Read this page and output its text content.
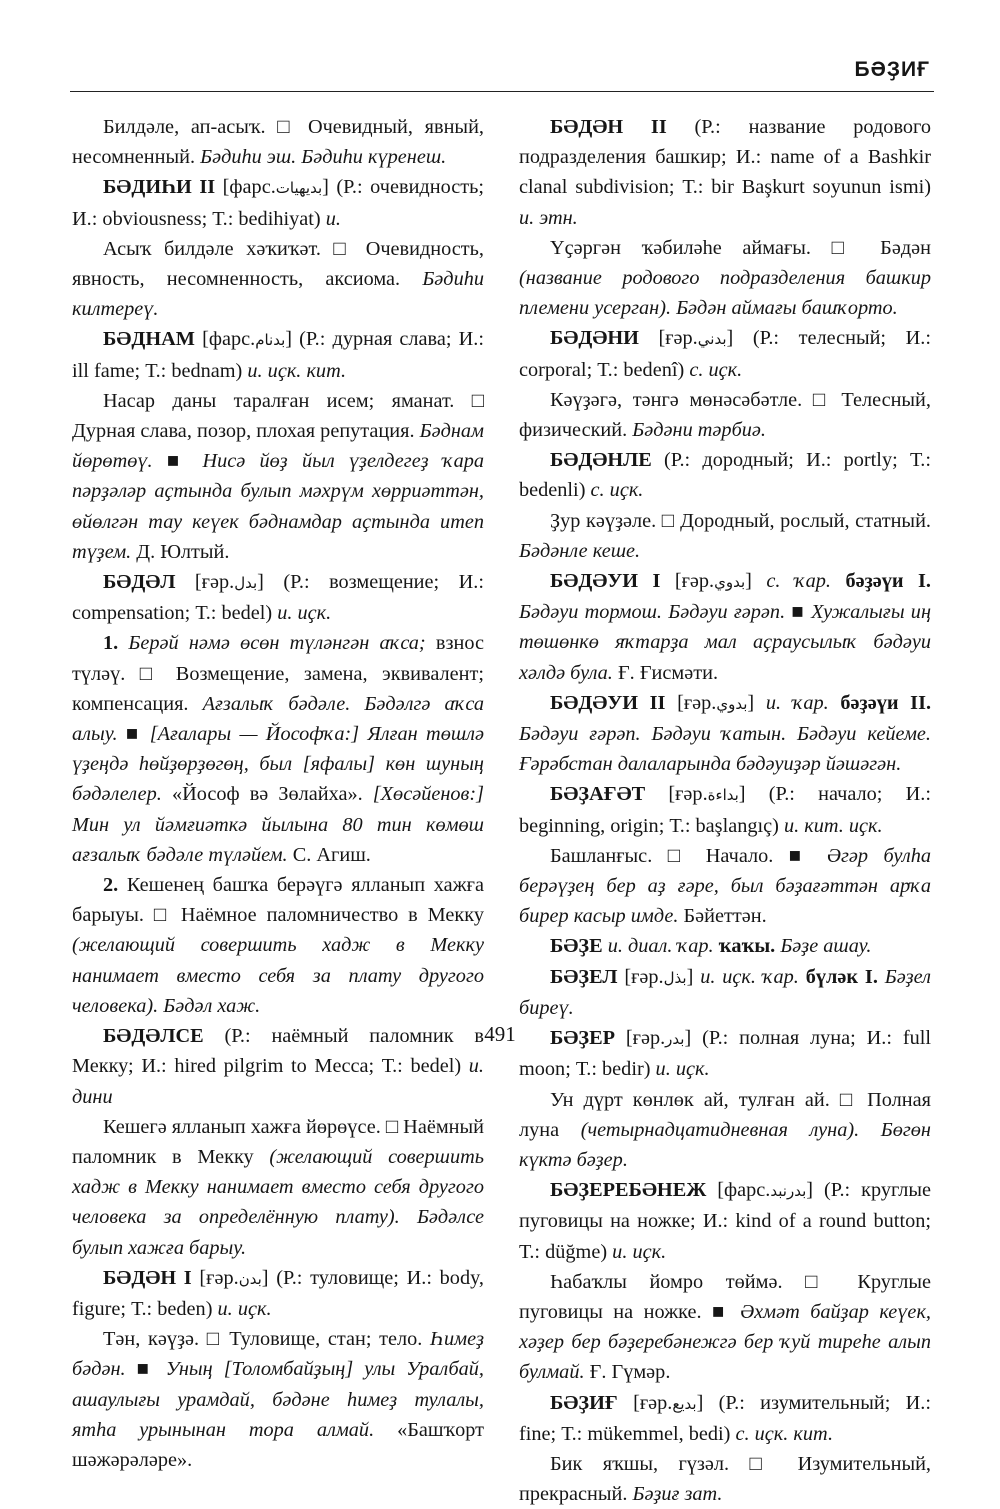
БӘҘИҒ

Билдәле, ап-асыҡ. □ Очевидный, явный, несомненный. Бәдиһи эш. Бәдиһи күренеш.

БӘДИҺИ II [фарс.بديهيات] (Р.: очевидность; И.: obviousness; Т.: bedihiyat) и.

Асыҡ билдәле хәҡиҡәт. □ Очевидность, явность, несомненность, аксиома. Бәдиһи килтереү.

БӘДНАМ [фарс.بدنام] (Р.: дурная слава; И.: ill fame; Т.: bednam) и. иҫк. кит.

Насар даны таралған исем; яманат. □ Дурная слава, позор, плохая репутация. Бәднам йөрөтөү. ■ Нисә йөҙ йыл үҙелдегеҙ ҡара пәрҙәләр аҫтында булып мәхрүм хөрриәттән, өйөлгән тау кеүек бәднамдар аҫтында итеп түҙем. Д. Юлтый.

БӘДӘЛ [ғәр.بدل] (Р.: возмещение; И.: compensation; Т.: bedel) и. иҫк.

1. Берәй нәмә өсөн түләнгән аҡса; взнос түләү. □ Возмещение, замена, эквивалент; компенсация. Ағзалыҡ бәдәле. Бәдәлгә аҡса алыу. ■ [Ағалары — Йософҡа:] Ялған төшлә үҙеңдә һөйҙөрҙөгөң, был [яфалы] көн шуның бәдәлелер. «Йософ вә Зөлайха». [Хөсәйенов:] Мин ул йәмғиәткә йылына 80 тин көмөш ағзалыҡ бәдәле түләйем. С. Агиш.

2. Кешенең башҡа берәүгә ялланып хажға барыуы. □ Наёмное паломничество в Мекку (желающий совершить хадж в Мекку нанимает вместо себя за плату другого человека). Бәдәл хаж.

БӘДӘЛСЕ (Р.: наёмный паломник в Мекку; И.: hired pilgrim to Mecca; Т.: bedel) и. дини

Кешегә ялланып хажға йөрөүсе. □ Наёмный паломник в Мекку (желающий совершить хадж в Мекку нанимает вместо себя другого человека за определённую плату). Бәдәлсе булып хажға барыу.

БӘДӘН I [ғәр.بدن] (Р.: туловище; И.: body, figure; Т.: beden) и. иҫк.

Тән, кәүҙә. □ Туловище, стан; тело. Һимеҙ бәдән. ■ Уның [Толомбайҙың] улы Уралбай, ашаулығы урамдай, бәдәне һимеҙ тулалы, ятһа урынынан тора алмай. «Башҡорт шәжәрәләре».

БӘДӘН II (Р.: название родового подразделения башкир; И.: name of a Bashkir clanal subdivision; Т.: bir Başkurt soyunun ismi) и. этн.

Үҫәргән ҡәбиләһе аймағы. □ Бәдән (название родового подразделения башкир племени усерган). Бәдән аймағы башҡорто.

БӘДӘНИ [ғәр.بدني] (Р.: телесный; И.: corporal; Т.: bedenî) с. иҫк.

Кәүҙәгә, тәнгә мөнәсәбәтле. □ Телесный, физический. Бәдәни тәрбиә.

БӘДӘНЛЕ (Р.: дородный; И.: portly; Т.: bedenli) с. иҫк.

Ҙур кәүҙәле. □ Дородный, рослый, статный. Бәдәнле кеше.

БӘДӘУИ I [ғәр.بدوي] с. ҡар. бәҙәүи I. Бәдәуи тормош. Бәдәуи ғәрәп. ■ Хужалығы иң төшөнкө яҡтарҙа мал аҫраусылыҡ бәдәуи хәлдә була. Ғ. Ғисмәти.

БӘДӘУИ II [ғәр.بدوي] и. ҡар. бәҙәүи II. Бәдәуи ғәрәп. Бәдәуи ҡатын. Бәдәуи кейеме. Ғәрәбстан далаларында бәдәуиҙәр йәшәгән.

БӘҘАҒӘТ [ғәр.بداءة] (Р.: начало; И.: beginning, origin; Т.: başlangıç) и. кит. иҫк.

Башланғыс. □ Начало. ■ Әгәр булһа берәүҙең бер аҙ ғәре, был бәҙағәттән арҡа бирep касыр имде. Бәйеттән.

БӘҘЕ и. диал. ҡар. ҡаҡы. Бәҙе ашау.

БӘҘЕЛ [ғәр.بذل] и. иҫк. ҡар. бүләк I. Бәҙел биреү.

БӘҘЕР [ғәр.بدر] (Р.: полная луна; И.: full moon; Т.: bedir) и. иҫк.

Ун дүрт көнлөк ай, тулған ай. □ Полная луна (четырнадцатидневная луна). Бөгөн күктә бәҙер.

БӘҘЕРЕБӘНЕЖ [фарс.بدرنبد] (Р.: круглые пуговицы на ножке; И.: kind of a round button; Т.: düğme) и. иҫк.

Һабаҡлы йомро төймә. □ Круглые пуговицы на ножке. ■ Әхмәт байҙар кеүек, хәҙер бер бәҙеребәнежгә бер ҡуй тиреһе алып булмай. Ғ. Гүмәр.

БӘҘИҒ [ғәр.بديع] (Р.: изумительный; И.: fine; Т.: mükemmel, bedi) с. иҫк. кит.

Бик яҡшы, гүзәл. □ Изумительный, прекрасный. Бәҙиғ зат.

491
